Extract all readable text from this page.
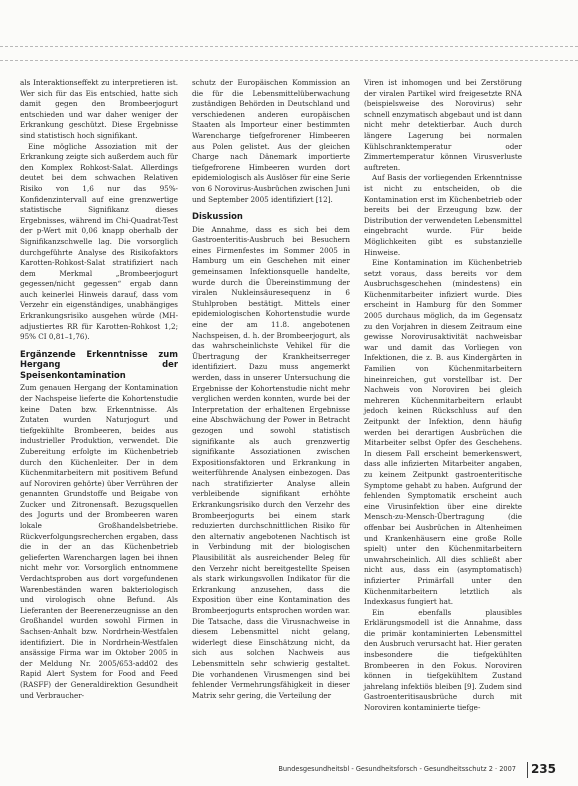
als Interaktionseffekt zu interpretieren ist. Wer sich für das Eis entschied, hatte sich damit gegen den Brombeerjogurt entschieden und war daher weniger der Erkrankung geschützt. Diese Ergebnisse sind statistisch hoch signifikant.

Eine mögliche Assoziation mit der Erkrankung zeigte sich außerdem auch für den Komplex Rohkost-Salat. Allerdings deutet bei dem schwachen Relativen Risiko von 1,6 nur das 95%-Konfidenzintervall auf eine grenzwertige statistische Signifikanz dieses Ergebnisses, während im Chi-Quadrat-Test der p-Wert mit 0,06 knapp oberhalb der Signifikanzschwelle lag. Die vorsorglich durchgeführte Analyse des Risikofaktors Karotten-Rohkost-Salat stratifiziert nach dem Merkmal „Brombeerjogurt gegessen/nicht gegessen“ ergab dann auch keinerlei Hinweis darauf, dass vom Verzehr ein eigenständiges, unabhängiges Erkrankungsrisiko ausgehen würde (MH-adjustiertes RR für Karotten-Rohkost 1,2; 95% CI 0,81–1,76).

Ergänzende Erkenntnisse zum Hergang der Speisenkontamination

Zum genauen Hergang der Kontamination der Nachspeise lieferte die Kohortenstudie keine Daten bzw. Erkenntnisse. Als Zutaten wurden Naturjogurt und tiefgekühlte Brombeeren, beides aus industrieller Produktion, verwendet. Die Zubereitung erfolgte im Küchenbetrieb durch den Küchenleiter. Der in dem Küchenmitarbeitern mit positivem Befund auf Noroviren gehörte) über Verrühren der genannten Grundstoffe und Beigabe von Zucker und Zitronensaft. Bezugsquellen des Jogurts und der Brombeeren waren lokale Großhandelsbetriebe. Rückverfolgungsrecherchen ergaben, dass die in der an das Küchenbetrieb gelieferten Warenchargen lagen bei ihnen nicht mehr vor. Vorsorglich entnommene Verdachtsproben aus dort vorgefundenen Warenbeständen waren bakteriologisch und virologisch ohne Befund. Als Lieferanten der Beerenerzeugnisse an den Großhandel wurden sowohl Firmen in Sachsen-Anhalt bzw. Nordrhein-Westfalen identifiziert. Die in Nordrhein-Westfalen ansässige Firma war im Oktober 2005 in der Meldung Nr. 2005/653-add02 des Rapid Alert System for Food and Feed (RASFF) der Generaldirektion Gesundheit und Verbraucher-

schutz der Europäischen Kommission an die für die Lebensmittelüberwachung zuständigen Behörden in Deutschland und verschiedenen anderen europäischen Staaten als Importeur einer bestimmten Warencharge tiefgefrorener Himbeeren aus Polen gelistet. Aus der gleichen Charge nach Dänemark importierte tiefgefrorene Himbeeren wurden dort epidemiologisch als Auslöser für eine Serie von 6 Norovirus-Ausbrüchen zwischen Juni und September 2005 identifiziert [12].

Diskussion

Die Annahme, dass es sich bei dem Gastroenteritis-Ausbruch bei Besuchern eines Firmenfestes im Sommer 2005 in Hamburg um ein Geschehen mit einer gemeinsamen Infektionsquelle handelte, wurde durch die Übereinstimmung der viralen Nukleinsäuresequenz in 6 Stuhlproben bestätigt. Mittels einer epidemiologischen Kohortenstudie wurde eine der am 11.8. angebotenen Nachspeisen, d. h. der Brombeerjogurt, als das wahrscheinlichste Vehikel für die Übertragung der Krankheitserreger identifiziert. Dazu muss angemerkt werden, dass in unserer Untersuchung die Ergebnisse der Kohortenstudie nicht mehr verglichen werden konnten, wurde bei der Interpretation der erhaltenen Ergebnisse eine Abschwächung der Power in Betracht gezogen und sowohl statistisch signifikante als auch grenzwertig signifikante Assoziationen zwischen Expositionsfaktoren und Erkrankung in weiterführende Analysen einbezogen. Das nach stratifizierter Analyse allein verbleibende signifikant erhöhte Erkrankungsrisiko durch den Verzehr des Brombeerjogurts bei einem stark reduzierten durchschnittlichen Risiko für den alternativ angebotenen Nachtisch ist in Verbindung mit der biologischen Plausibilität als ausreichender Beleg für den Verzehr nicht bereitgestellte Speisen als stark wirkungsvollen Indikator für die Erkrankung anzusehen, dass die Exposition über eine Kontamination des Brombeerjogurts entsprochen worden war. Die Tatsache, dass die Virusnachweise in diesem Lebensmittel nicht gelang, widerlegt diese Einschätzung nicht, da sich aus solchen Nachweis aus Lebensmitteln sehr schwierig gestaltet. Die vorhandenen Virusmengen sind bei fehlender Vermehrungsfähigkeit in dieser Matrix sehr gering, die Verteilung der

Viren ist inhomogen und bei Zerstörung der viralen Partikel wird freigesetzte RNA (beispielsweise des Norovirus) sehr schnell enzymatisch abgebaut und ist dann nicht mehr detektierbar. Auch durch längere Lagerung bei normalen Kühlschranktemperatur oder Zimmertemperatur können Virusverluste auftreten.

Auf Basis der vorliegenden Erkenntnisse ist nicht zu entscheiden, ob die Kontamination erst im Küchenbetrieb oder bereits bei der Erzeugung bzw. der Distribution der verwendeten Lebensmittel eingebracht wurde. Für beide Möglichkeiten gibt es substanzielle Hinweise.

Eine Kontamination im Küchenbetrieb setzt voraus, dass bereits vor dem Ausbruchsgeschehen (mindestens) ein Küchenmitarbeiter infiziert wurde. Dies erscheint in Hamburg für den Sommer 2005 durchaus möglich, da im Gegensatz zu den Vorjahren in diesem Zeitraum eine gewisse Norovirusaktivität nachweisbar war und damit das Vorliegen von Infektionen, die z. B. aus Kindergärten in Familien von Küchenmitarbeitern hineinreichen, gut vorstellbar ist. Der Nachweis von Noroviren bei gleich mehreren Küchenmitarbeitern erlaubt jedoch keinen Rückschluss auf den Zeitpunkt der Infektion, denn häufig werden bei derartigen Ausbrüchen die Mitarbeiter selbst Opfer des Geschehens. In diesem Fall erscheint bemerkenswert, dass alle infizierten Mitarbeiter angaben, zu keinem Zeitpunkt gastroenteritische Symptome gehabt zu haben. Aufgrund der fehlenden Symptomatik erscheint auch eine Virusinfektion über eine direkte Mensch-zu-Mensch-Übertragung (die offenbar bei Ausbrüchen in Altenheimen und Krankenhäusern eine große Rolle spielt) unter den Küchenmitarbeitern unwahrscheinlich. All dies schließt aber nicht aus, dass ein (asymptomatisch) infizierter Primärfall unter den Küchenmitarbeitern letztlich als Indexkasus fungiert hat.

Ein ebenfalls plausibles Erklärungsmodell ist die Annahme, dass die primär kontaminierten Lebensmittel den Ausbruch verursacht hat. Hier geraten insbesondere die tiefgekühlten Brombeeren in den Fokus. Noroviren können in tiefgekühltem Zustand jahrelang infektiös bleiben [9]. Zudem sind Gastroenteritisausbrüche durch mit Noroviren kontaminierte tiefge-

Bundesgesundheitsbl - Gesundheitsforsch - Gesundheitsschutz 2 · 2007 235
